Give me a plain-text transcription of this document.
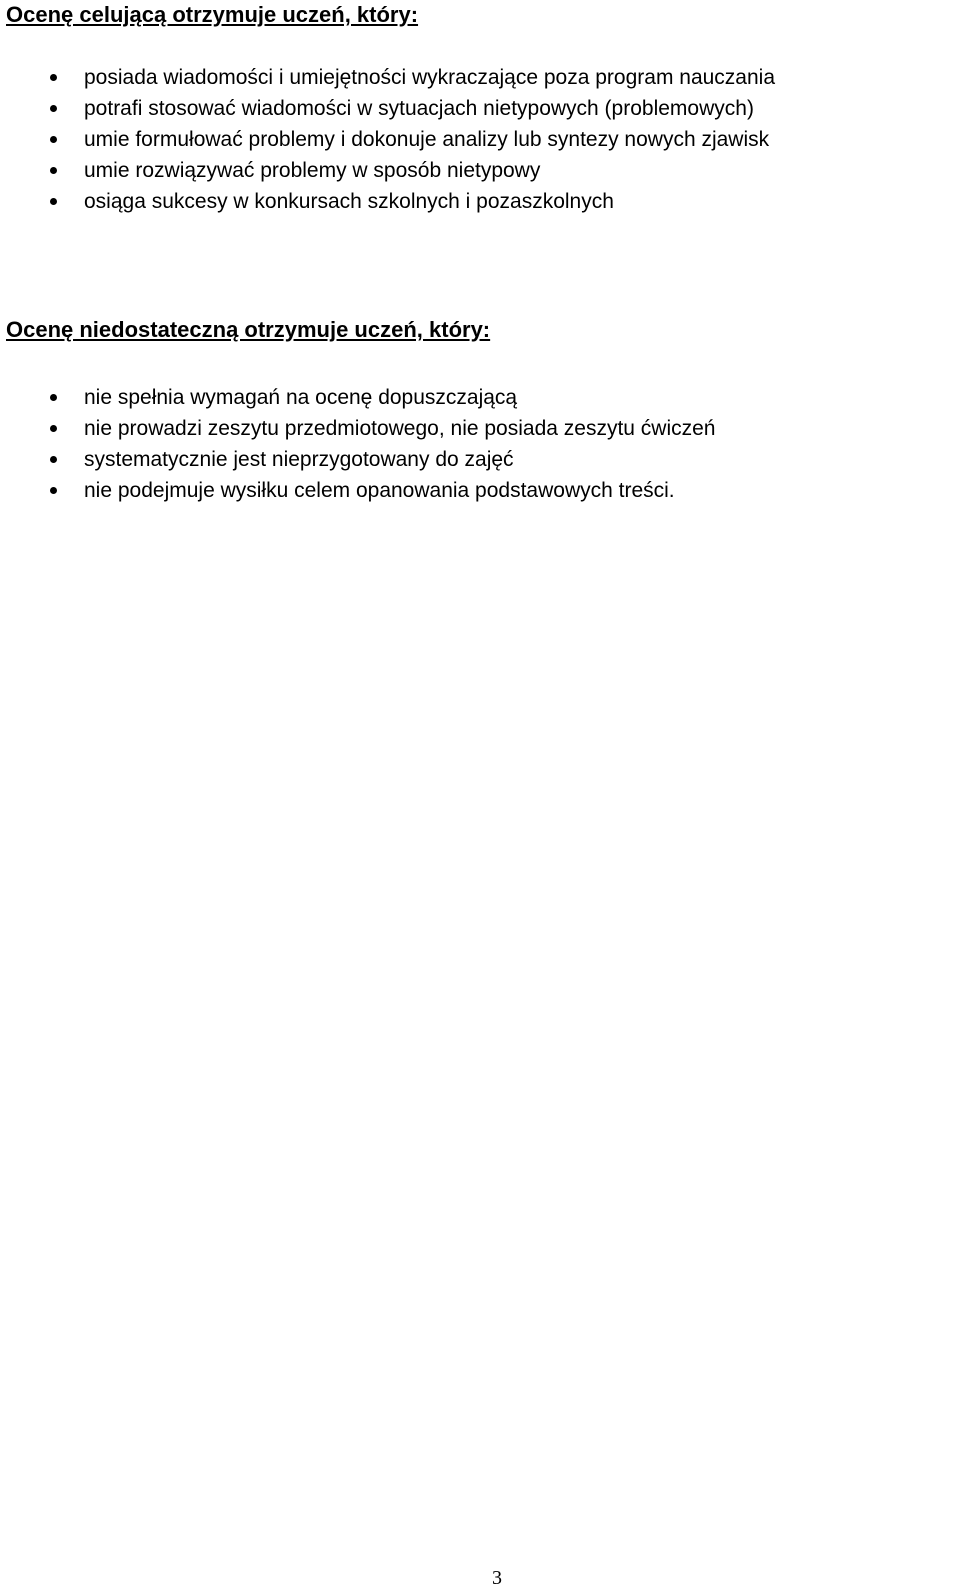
Ocenę celującą otrzymuje uczeń, który:
posiada wiadomości i umiejętności wykraczające poza program nauczania
potrafi stosować wiadomości w sytuacjach nietypowych (problemowych)
umie formułować problemy i dokonuje analizy lub syntezy nowych zjawisk
umie rozwiązywać problemy w sposób nietypowy
osiąga sukcesy w konkursach szkolnych i pozaszkolnych
Ocenę niedostateczną otrzymuje uczeń, który:
nie spełnia wymagań na ocenę dopuszczającą
nie prowadzi zeszytu przedmiotowego, nie posiada zeszytu ćwiczeń
systematycznie jest nieprzygotowany do zajęć
nie podejmuje wysiłku celem opanowania podstawowych treści.
3
